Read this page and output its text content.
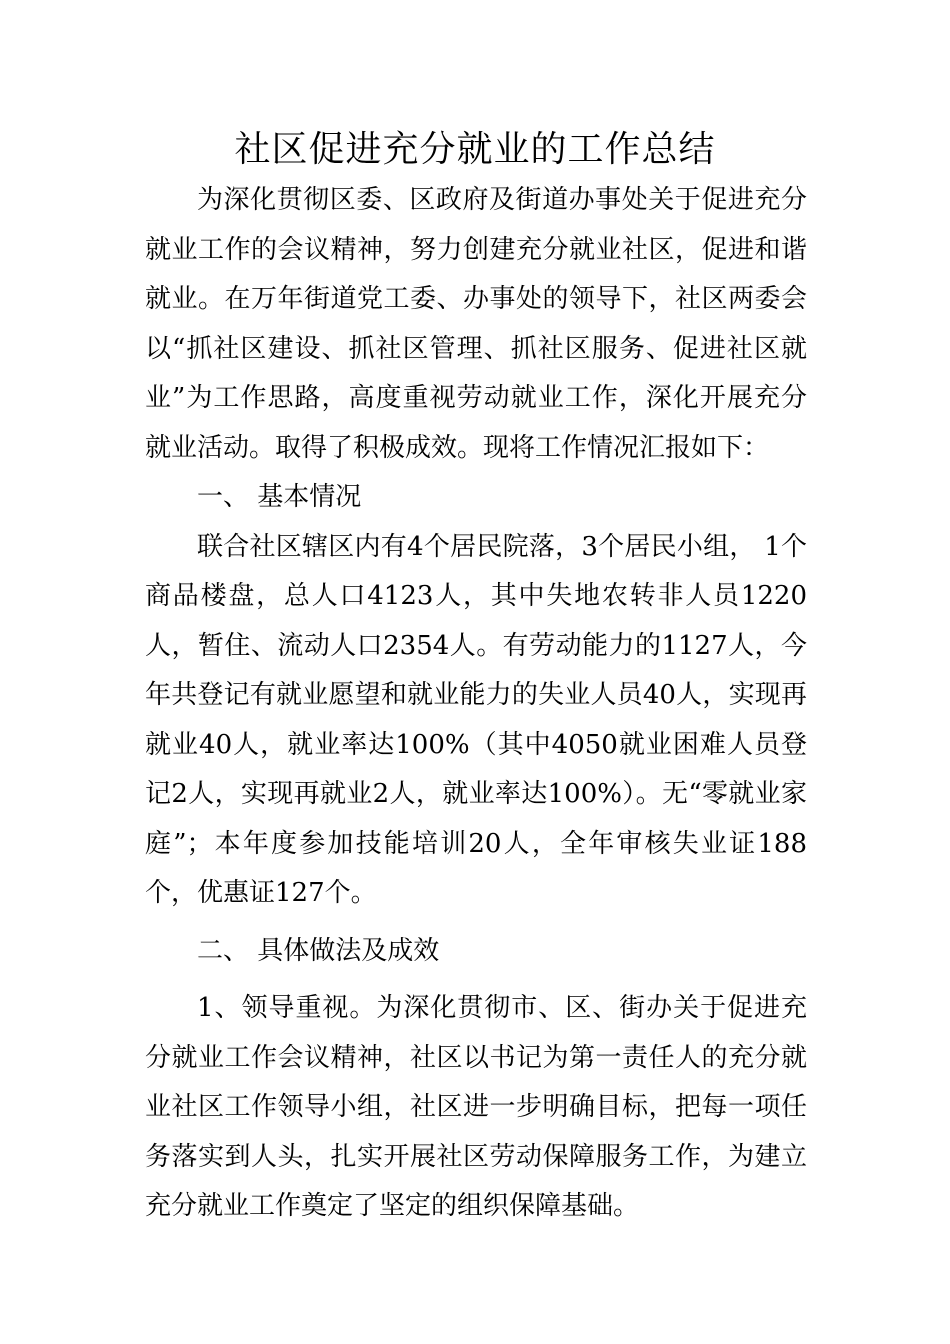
社区促进充分就业的工作总结

为深化贯彻区委、区政府及街道办事处关于促进充分就业工作的会议精神，努力创建充分就业社区，促进和谐就业。在万年街道党工委、办事处的领导下，社区两委会以“抓社区建设、抓社区管理、抓社区服务、促进社区就业”为工作思路，高度重视劳动就业工作，深化开展充分就业活动。取得了积极成效。现将工作情况汇报如下：

一、 基本情况

联合社区辖区内有4个居民院落，3个居民小组， 1个商品楼盘，总人口4123人，其中失地农转非人员1220人，暂住、流动人口2354人。有劳动能力的1127人，今年共登记有就业愿望和就业能力的失业人员40人，实现再就业40人，就业率达100%（其中4050就业困难人员登记2人，实现再就业2人，就业率达100%）。无“零就业家庭”；本年度参加技能培训20人，全年审核失业证188个，优惠证127个。

二、 具体做法及成效

1、领导重视。为深化贯彻市、区、街办关于促进充分就业工作会议精神，社区以书记为第一责任人的充分就业社区工作领导小组，社区进一步明确目标，把每一项任务落实到人头，扎实开展社区劳动保障服务工作，为建立充分就业工作奠定了坚定的组织保障基础。
